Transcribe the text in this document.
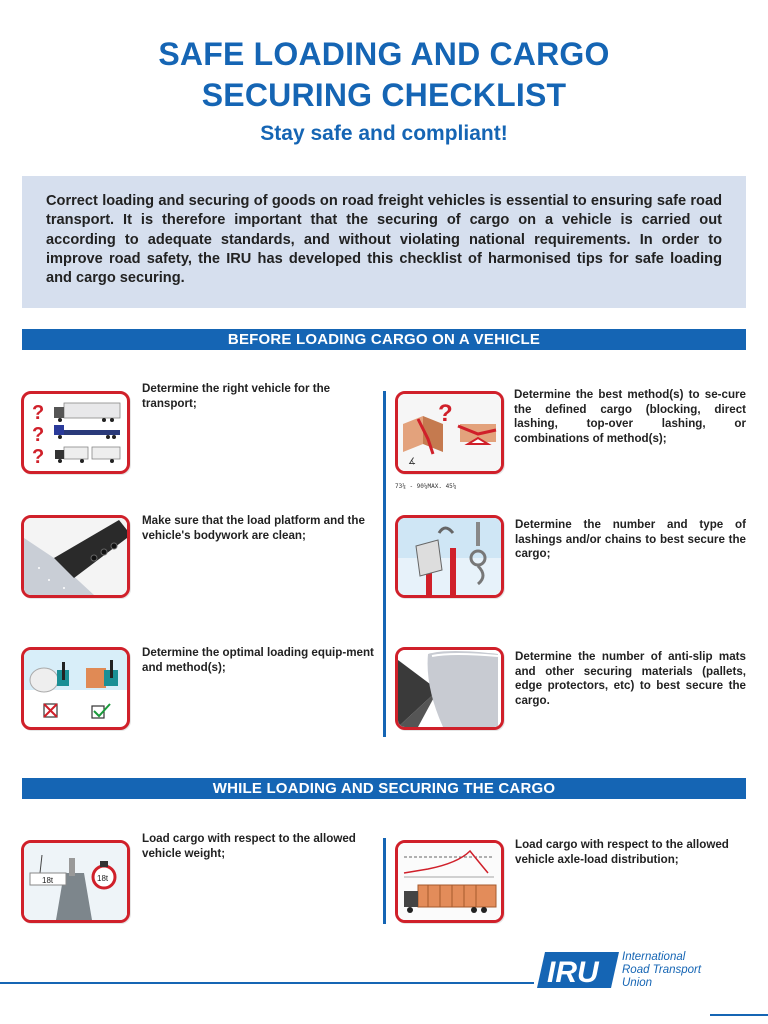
SAFE LOADING AND CARGO
SECURING CHECKLIST
Stay safe and compliant!

Correct loading and securing of goods on road freight vehicles is essential to ensuring safe road transport. It is therefore important that the securing of cargo on a vehicle is carried out according to adequate standards, and without violating national requirements. In order to improve road safety, the IRU has developed this checklist of harmonised tips for safe loading and cargo securing.

BEFORE LOADING CARGO ON A VEHICLE
?
?
?
Determine the right vehicle for the transport;
Make sure that the load platform and the vehicle's bodywork are clean;
Determine the optimal loading equip-ment and method(s);
?
∡
Determine the best method(s) to se-cure the defined cargo (blocking, direct lashing, top-over lashing, or combinations of method(s);
73¼ - 90¼MAX. 45¼
Determine the number and type of lashings and/or chains to best secure the cargo;
Determine the number of anti-slip mats and other securing materials (pallets, edge protectors, etc) to best secure the cargo.
WHILE LOADING AND SECURING THE CARGO
18t	18t
Load cargo with respect to the allowed vehicle weight;
Load cargo with respect to the allowed vehicle axle-load distribution;
IRU International
Road Transport
Union
